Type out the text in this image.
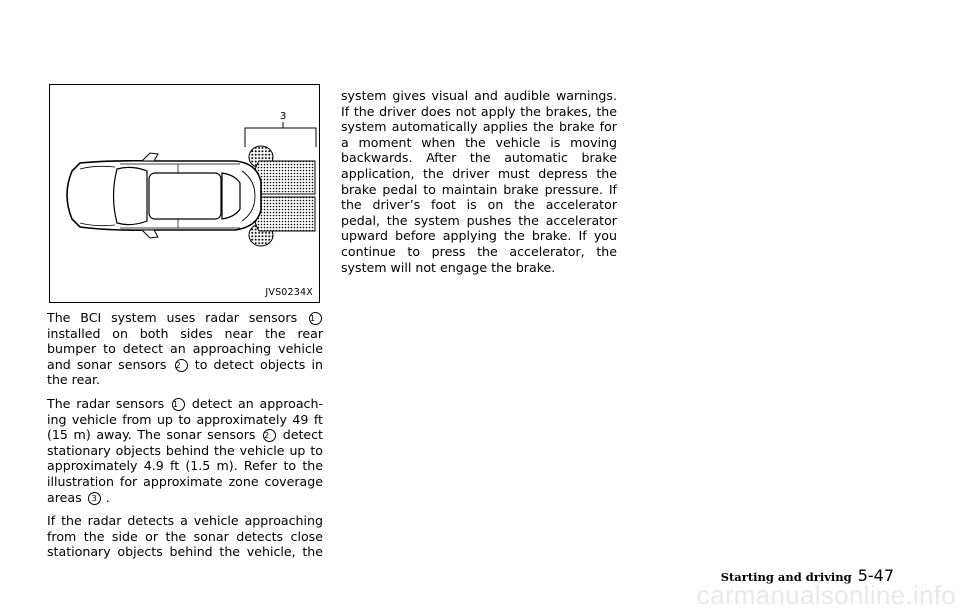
3
JVS0234X
The BCI system uses radar sensors 1
installed on both sides near the rear
bumper to detect an approaching vehicle
and sonar sensors 2 to detect objects in
the rear.
The radar sensors 1 detect an approach-
ing vehicle from up to approximately 49 ft
(15 m) away. The sonar sensors 2 detect
stationary objects behind the vehicle up to
approximately 4.9 ft (1.5 m). Refer to the
illustration for approximate zone coverage
areas 3 .
If the radar detects a vehicle approaching
from the side or the sonar detects close
stationary objects behind the vehicle, the
system gives visual and audible warnings.
If the driver does not apply the brakes, the
system automatically applies the brake for
a moment when the vehicle is moving
backwards. After the automatic brake
application, the driver must depress the
brake pedal to maintain brake pressure. If
the driver’s foot is on the accelerator
pedal, the system pushes the accelerator
upward before applying the brake. If you
continue to press the accelerator, the
system will not engage the brake.
Starting and driving 5-47
carmanualsonline.info
